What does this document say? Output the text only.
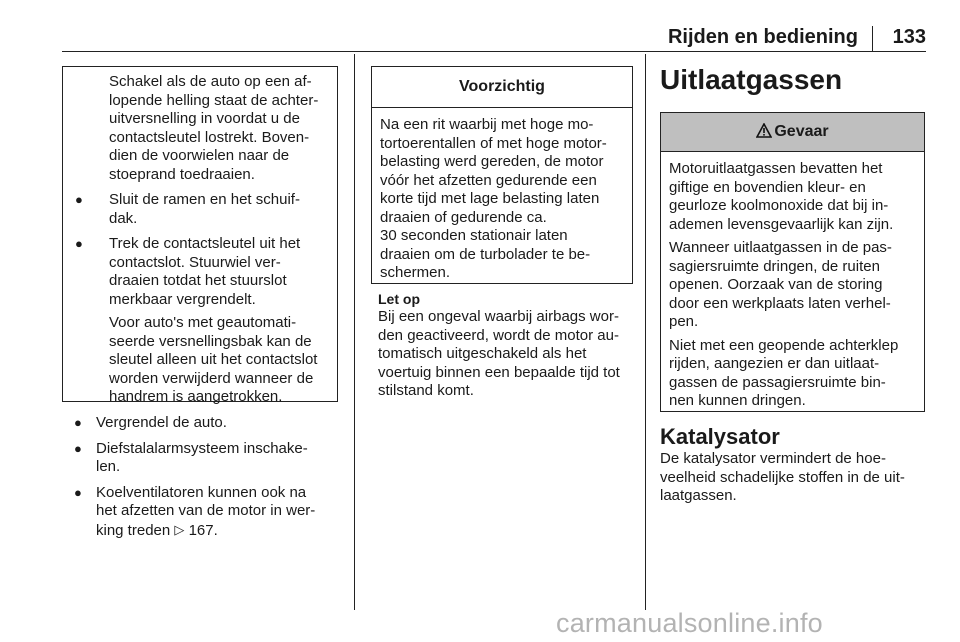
Rijden en bediening	133
Schakel als de auto op een af-
lopende helling staat de achter-
uitversnelling in voordat u de
contactsleutel lostrekt. Boven-
dien de voorwielen naar de
stoeprand toedraaien.
● Sluit de ramen en het schuif-
dak.
● Trek de contactsleutel uit het
contactslot. Stuurwiel ver-
draaien totdat het stuurslot
merkbaar vergrendelt.
Voor auto's met geautomati-
seerde versnellingsbak kan de
sleutel alleen uit het contactslot
worden verwijderd wanneer de
handrem is aangetrokken.
● Vergrendel de auto.
● Diefstalalarmsysteem inschake-
len.
● Koelventilatoren kunnen ook na
het afzetten van de motor in wer-
king treden ▷ 167.
Voorzichtig
Na een rit waarbij met hoge mo-
tortoerentallen of met hoge motor-
belasting werd gereden, de motor
vóór het afzetten gedurende een
korte tijd met lage belasting laten
draaien of gedurende ca.
30 seconden stationair laten
draaien om de turbolader te be-
schermen.
Let op
Bij een ongeval waarbij airbags wor-
den geactiveerd, wordt de motor au-
tomatisch uitgeschakeld als het
voertuig binnen een bepaalde tijd tot
stilstand komt.
Uitlaatgassen
Gevaar

Motoruitlaatgassen bevatten het
giftige en bovendien kleur- en
geurloze koolmonoxide dat bij in-
ademen levensgevaarlijk kan zijn.

Wanneer uitlaatgassen in de pas-
sagiersruimte dringen, de ruiten
openen. Oorzaak van de storing
door een werkplaats laten verhel-
pen.

Niet met een geopende achterklep
rijden, aangezien er dan uitlaat-
gassen de passagiersruimte bin-
nen kunnen dringen.

Katalysator
De katalysator vermindert de hoe-
veelheid schadelijke stoffen in de uit-
laatgassen.
carmanualsonline.info
